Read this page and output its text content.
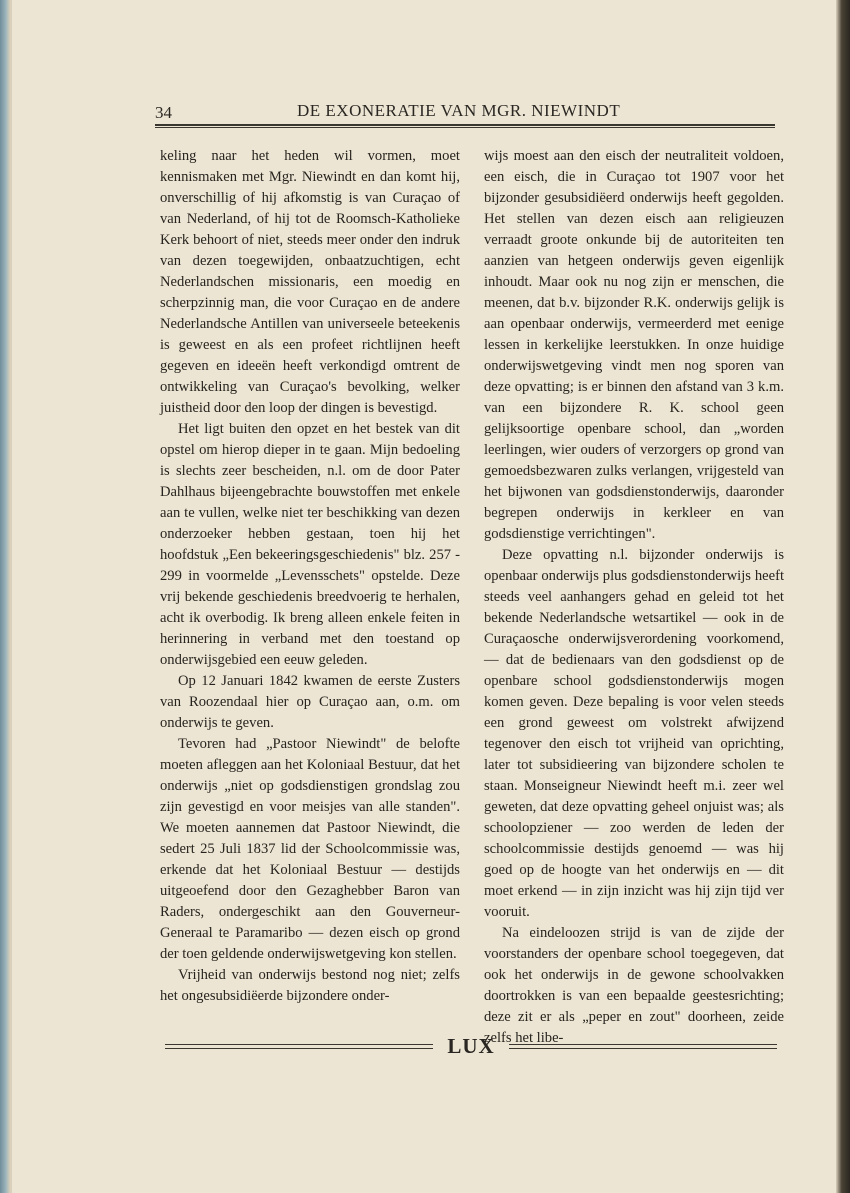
34	DE EXONERATIE VAN MGR. NIEWINDT

keling naar het heden wil vormen, moet kennismaken met Mgr. Niewindt en dan komt hij, onverschillig of hij afkomstig is van Curaçao of van Nederland, of hij tot de Roomsch-Katholieke Kerk behoort of niet, steeds meer onder den indruk van dezen toegewijden, onbaatzuchtigen, echt Nederlandschen missionaris, een moedig en scherpzinnig man, die voor Curaçao en de andere Nederlandsche Antillen van universeele beteekenis is geweest en als een profeet richtlijnen heeft gegeven en ideeën heeft verkondigd omtrent de ontwikkeling van Curaçao's bevolking, welker juistheid door den loop der dingen is bevestigd.

Het ligt buiten den opzet en het bestek van dit opstel om hierop dieper in te gaan. Mijn bedoeling is slechts zeer bescheiden, n.l. om de door Pater Dahlhaus bijeengebrachte bouwstoffen met enkele aan te vullen, welke niet ter beschikking van dezen onderzoeker hebben gestaan, toen hij het hoofdstuk „Een bekeeringsgeschiedenis" blz. 257 - 299 in voormelde „Levensschets" opstelde. Deze vrij bekende geschiedenis breedvoerig te herhalen, acht ik overbodig. Ik breng alleen enkele feiten in herinnering in verband met den toestand op onderwijsgebied een eeuw geleden.

Op 12 Januari 1842 kwamen de eerste Zusters van Roozendaal hier op Curaçao aan, o.m. om onderwijs te geven.

Tevoren had „Pastoor Niewindt" de belofte moeten afleggen aan het Koloniaal Bestuur, dat het onderwijs „niet op godsdienstigen grondslag zou zijn gevestigd en voor meisjes van alle standen". We moeten aannemen dat Pastoor Niewindt, die sedert 25 Juli 1837 lid der Schoolcommissie was, erkende dat het Koloniaal Bestuur — destijds uitgeoefend door den Gezaghebber Baron van Raders, ondergeschikt aan den Gouverneur-Generaal te Paramaribo — dezen eisch op grond der toen geldende onderwijswetgeving kon stellen.

Vrijheid van onderwijs bestond nog niet; zelfs het ongesubsidiëerde bijzondere onder-

wijs moest aan den eisch der neutraliteit voldoen, een eisch, die in Curaçao tot 1907 voor het bijzonder gesubsidiëerd onderwijs heeft gegolden. Het stellen van dezen eisch aan religieuzen verraadt groote onkunde bij de autoriteiten ten aanzien van hetgeen onderwijs geven eigenlijk inhoudt. Maar ook nu nog zijn er menschen, die meenen, dat b.v. bijzonder R.K. onderwijs gelijk is aan openbaar onderwijs, vermeerderd met eenige lessen in kerkelijke leerstukken. In onze huidige onderwijswetgeving vindt men nog sporen van deze opvatting; is er binnen den afstand van 3 k.m. van een bijzondere R. K. school geen gelijksoortige openbare school, dan „worden leerlingen, wier ouders of verzorgers op grond van gemoedsbezwaren zulks verlangen, vrijgesteld van het bijwonen van godsdienstonderwijs, daaronder begrepen onderwijs in kerkleer en van godsdienstige verrichtingen".

Deze opvatting n.l. bijzonder onderwijs is openbaar onderwijs plus godsdienstonderwijs heeft steeds veel aanhangers gehad en geleid tot het bekende Nederlandsche wetsartikel — ook in de Curaçaosche onderwijsverordening voorkomend,— dat de bedienaars van den godsdienst op de openbare school godsdienstonderwijs mogen komen geven. Deze bepaling is voor velen steeds een grond geweest om volstrekt afwijzend tegenover den eisch tot vrijheid van oprichting, later tot subsidieering van bijzondere scholen te staan. Monseigneur Niewindt heeft m.i. zeer wel geweten, dat deze opvatting geheel onjuist was; als schoolopziener — zoo werden de leden der schoolcommissie destijds genoemd — was hij goed op de hoogte van het onderwijs en — dit moet erkend — in zijn inzicht was hij zijn tijd ver vooruit.

Na eindeloozen strijd is van de zijde der voorstanders der openbare school toegegeven, dat ook het onderwijs in de gewone schoolvakken doortrokken is van een bepaalde geestesrichting; deze zit er als „peper en zout" doorheen, zeide zelfs het libe-

LUX
